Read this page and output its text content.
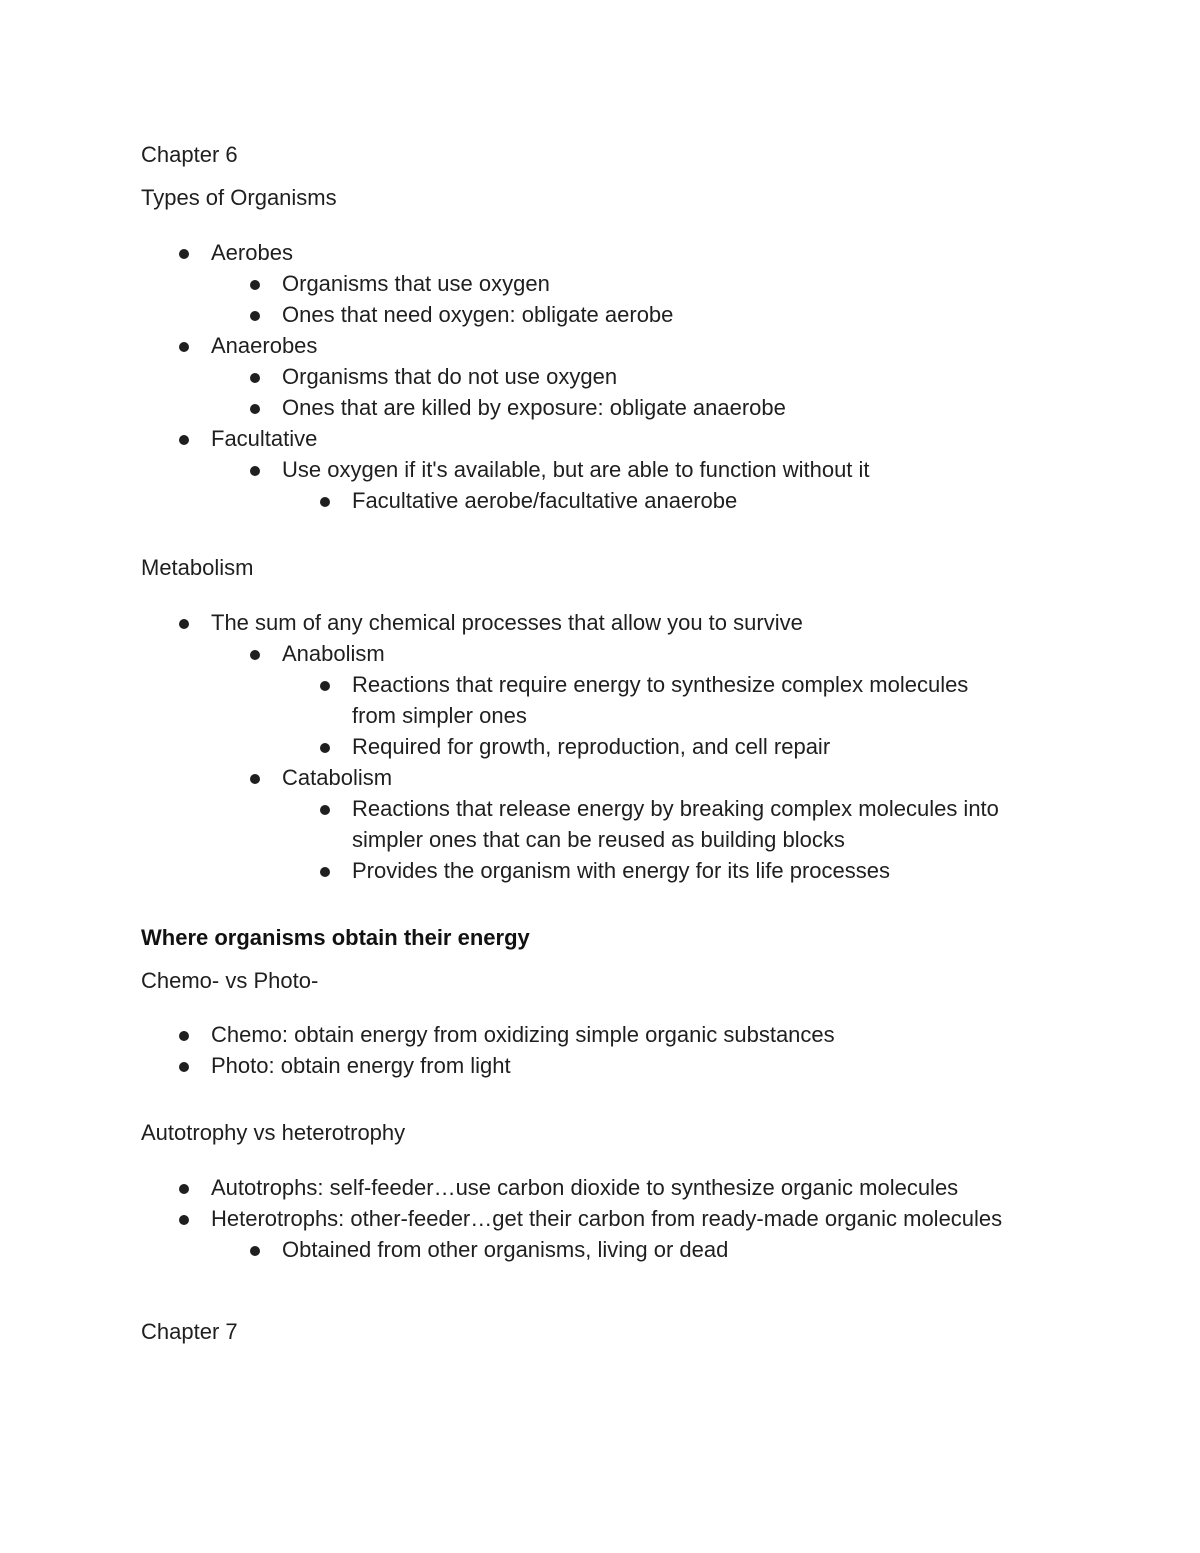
Chapter 6
Types of Organisms
Aerobes
Organisms that use oxygen
Ones that need oxygen: obligate aerobe
Anaerobes
Organisms that do not use oxygen
Ones that are killed by exposure: obligate anaerobe
Facultative
Use oxygen if it's available, but are able to function without it
Facultative aerobe/facultative anaerobe
Metabolism
The sum of any chemical processes that allow you to survive
Anabolism
Reactions that require energy to synthesize complex molecules
from simpler ones
Required for growth, reproduction, and cell repair
Catabolism
Reactions that release energy by breaking complex molecules into
simpler ones that can be reused as building blocks
Provides the organism with energy for its life processes
Where organisms obtain their energy
Chemo- vs Photo-
Chemo: obtain energy from oxidizing simple organic substances
Photo: obtain energy from light
Autotrophy vs heterotrophy
Autotrophs: self-feeder…use carbon dioxide to synthesize organic molecules
Heterotrophs: other-feeder…get their carbon from ready-made organic molecules
Obtained from other organisms, living or dead
Chapter 7
